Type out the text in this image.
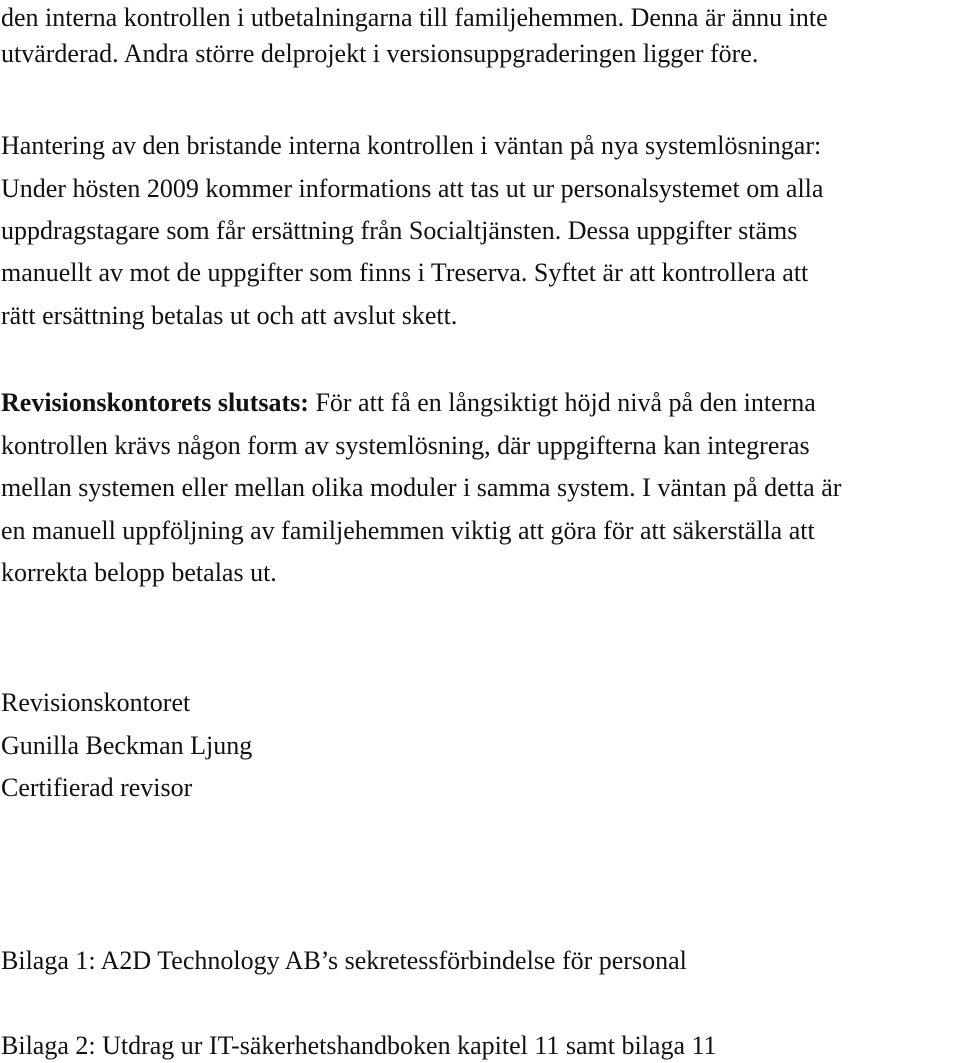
den interna kontrollen i utbetalningarna till familjehemmen. Denna är ännu inte
utvärderad. Andra större delprojekt i versionsuppgraderingen ligger före.
Hantering av den bristande interna kontrollen i väntan på nya systemlösningar:
Under hösten 2009 kommer informations att tas ut ur personalsystemet om alla
uppdragstagare som får ersättning från Socialtjänsten. Dessa uppgifter stäms
manuellt av mot de uppgifter som finns i Treserva. Syftet är att kontrollera att
rätt ersättning betalas ut och att avslut skett.
Revisionskontorets slutsats: För att få en långsiktigt höjd nivå på den interna
kontrollen krävs någon form av systemlösning, där uppgifterna kan integreras
mellan systemen eller mellan olika moduler i samma system. I väntan på detta är
en manuell uppföljning av familjehemmen viktig att göra för att säkerställa att
korrekta belopp betalas ut.
Revisionskontoret
Gunilla Beckman Ljung
Certifierad revisor
Bilaga 1: A2D Technology AB’s sekretessförbindelse för personal
Bilaga 2: Utdrag ur IT-säkerhetshandboken kapitel 11 samt bilaga 11
